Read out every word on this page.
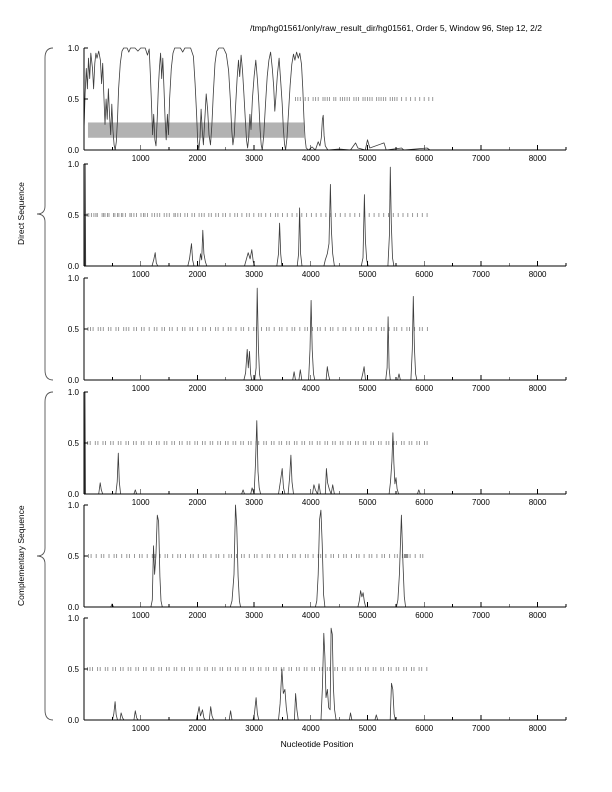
/tmp/hg01561/only/raw_result_dir/hg01561, Order 5, Window 96, Step 12, 2/2
Direct Sequence
Complementary Sequence
1000	2000	3000	4000	5000	6000	7000	8000
0.0
0.5
1.0
1000	2000	3000	4000	5000	6000	7000	8000
0.0
0.5
1.0
1000	2000	3000	4000	5000	6000	7000	8000
0.0
0.5
1.0
1000	2000	3000	4000	5000	6000	7000	8000
0.0
0.5
1.0
1000	2000	3000	4000	5000	6000	7000	8000
0.0
0.5
1.0
1000	2000	3000	4000	5000	6000	7000	8000
0.0
0.5
1.0
Nucleotide Position
